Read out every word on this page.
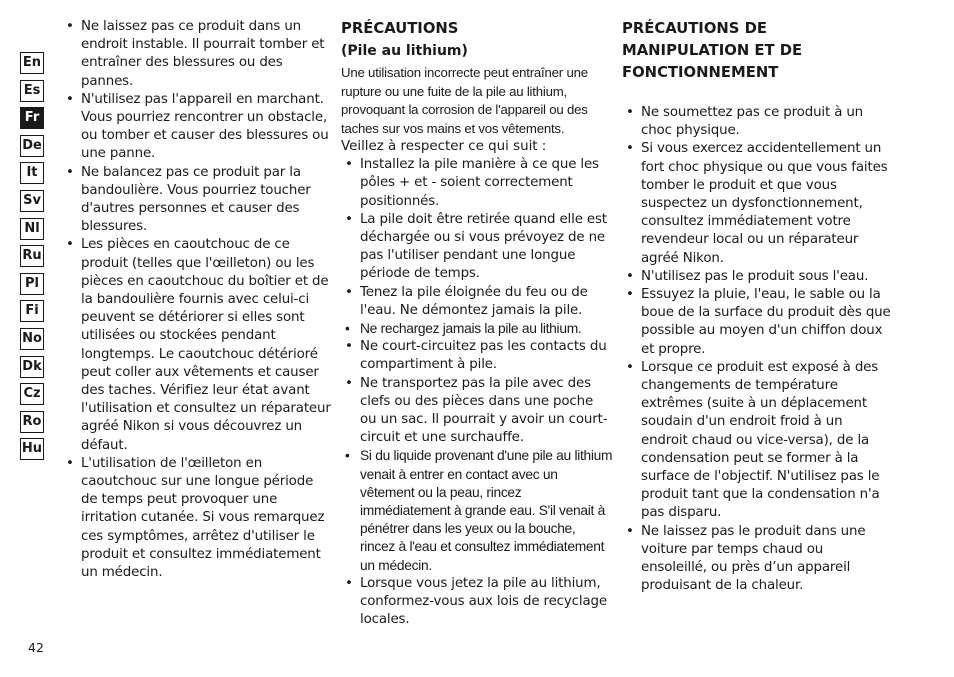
En
Es
Fr
De
It
Sv
Nl
Ru
Pl
Fi
No
Dk
Cz
Ro
Hu
• Ne laissez pas ce produit dans un endroit instable. Il pourrait tomber et entraîner des blessures ou des pannes.
• N'utilisez pas l'appareil en marchant. Vous pourriez rencontrer un obstacle, ou tomber et causer des blessures ou une panne.
• Ne balancez pas ce produit par la bandoulière. Vous pourriez toucher d'autres personnes et causer des blessures.
• Les pièces en caoutchouc de ce produit (telles que l'œilleton) ou les pièces en caoutchouc du boîtier et de la bandoulière fournis avec celui-ci peuvent se détériorer si elles sont utilisées ou stockées pendant longtemps. Le caoutchouc détérioré peut coller aux vêtements et causer des taches. Vérifiez leur état avant l'utilisation et consultez un réparateur agréé Nikon si vous découvrez un défaut.
• L'utilisation de l'œilleton en caoutchouc sur une longue période de temps peut provoquer une irritation cutanée. Si vous remarquez ces symptômes, arrêtez d'utiliser le produit et consultez immédiatement un médecin.
PRÉCAUTIONS
(Pile au lithium)

Une utilisation incorrecte peut entraîner une rupture ou une fuite de la pile au lithium, provoquant la corrosion de l'appareil ou des taches sur vos mains et vos vêtements.

Veillez à respecter ce qui suit :

• Installez la pile manière à ce que les pôles + et - soient correctement positionnés.
• La pile doit être retirée quand elle est déchargée ou si vous prévoyez de ne pas l'utiliser pendant une longue période de temps.
• Tenez la pile éloignée du feu ou de l'eau. Ne démontez jamais la pile.
• Ne rechargez jamais la pile au lithium.
• Ne court-circuitez pas les contacts du compartiment à pile.
• Ne transportez pas la pile avec des clefs ou des pièces dans une poche ou un sac. Il pourrait y avoir un court-circuit et une surchauffe.
• Si du liquide provenant d'une pile au lithium venait à entrer en contact avec un vêtement ou la peau, rincez immédiatement à grande eau. S'il venait à pénétrer dans les yeux ou la bouche, rincez à l'eau et consultez immédiatement un médecin.
• Lorsque vous jetez la pile au lithium, conformez-vous aux lois de recyclage locales.
PRÉCAUTIONS DE MANIPULATION ET DE FONCTIONNEMENT
• Ne soumettez pas ce produit à un choc physique.
• Si vous exercez accidentellement un fort choc physique ou que vous faites tomber le produit et que vous suspectez un dysfonctionnement, consultez immédiatement votre revendeur local ou un réparateur agréé Nikon.
• N'utilisez pas le produit sous l'eau.
• Essuyez la pluie, l'eau, le sable ou la boue de la surface du produit dès que possible au moyen d'un chiffon doux et propre.
• Lorsque ce produit est exposé à des changements de température extrêmes (suite à un déplacement soudain d'un endroit froid à un endroit chaud ou vice-versa), de la condensation peut se former à la surface de l'objectif. N'utilisez pas le produit tant que la condensation n'a pas disparu.
• Ne laissez pas le produit dans une voiture par temps chaud ou ensoleillé, ou près d’un appareil produisant de la chaleur.
42
